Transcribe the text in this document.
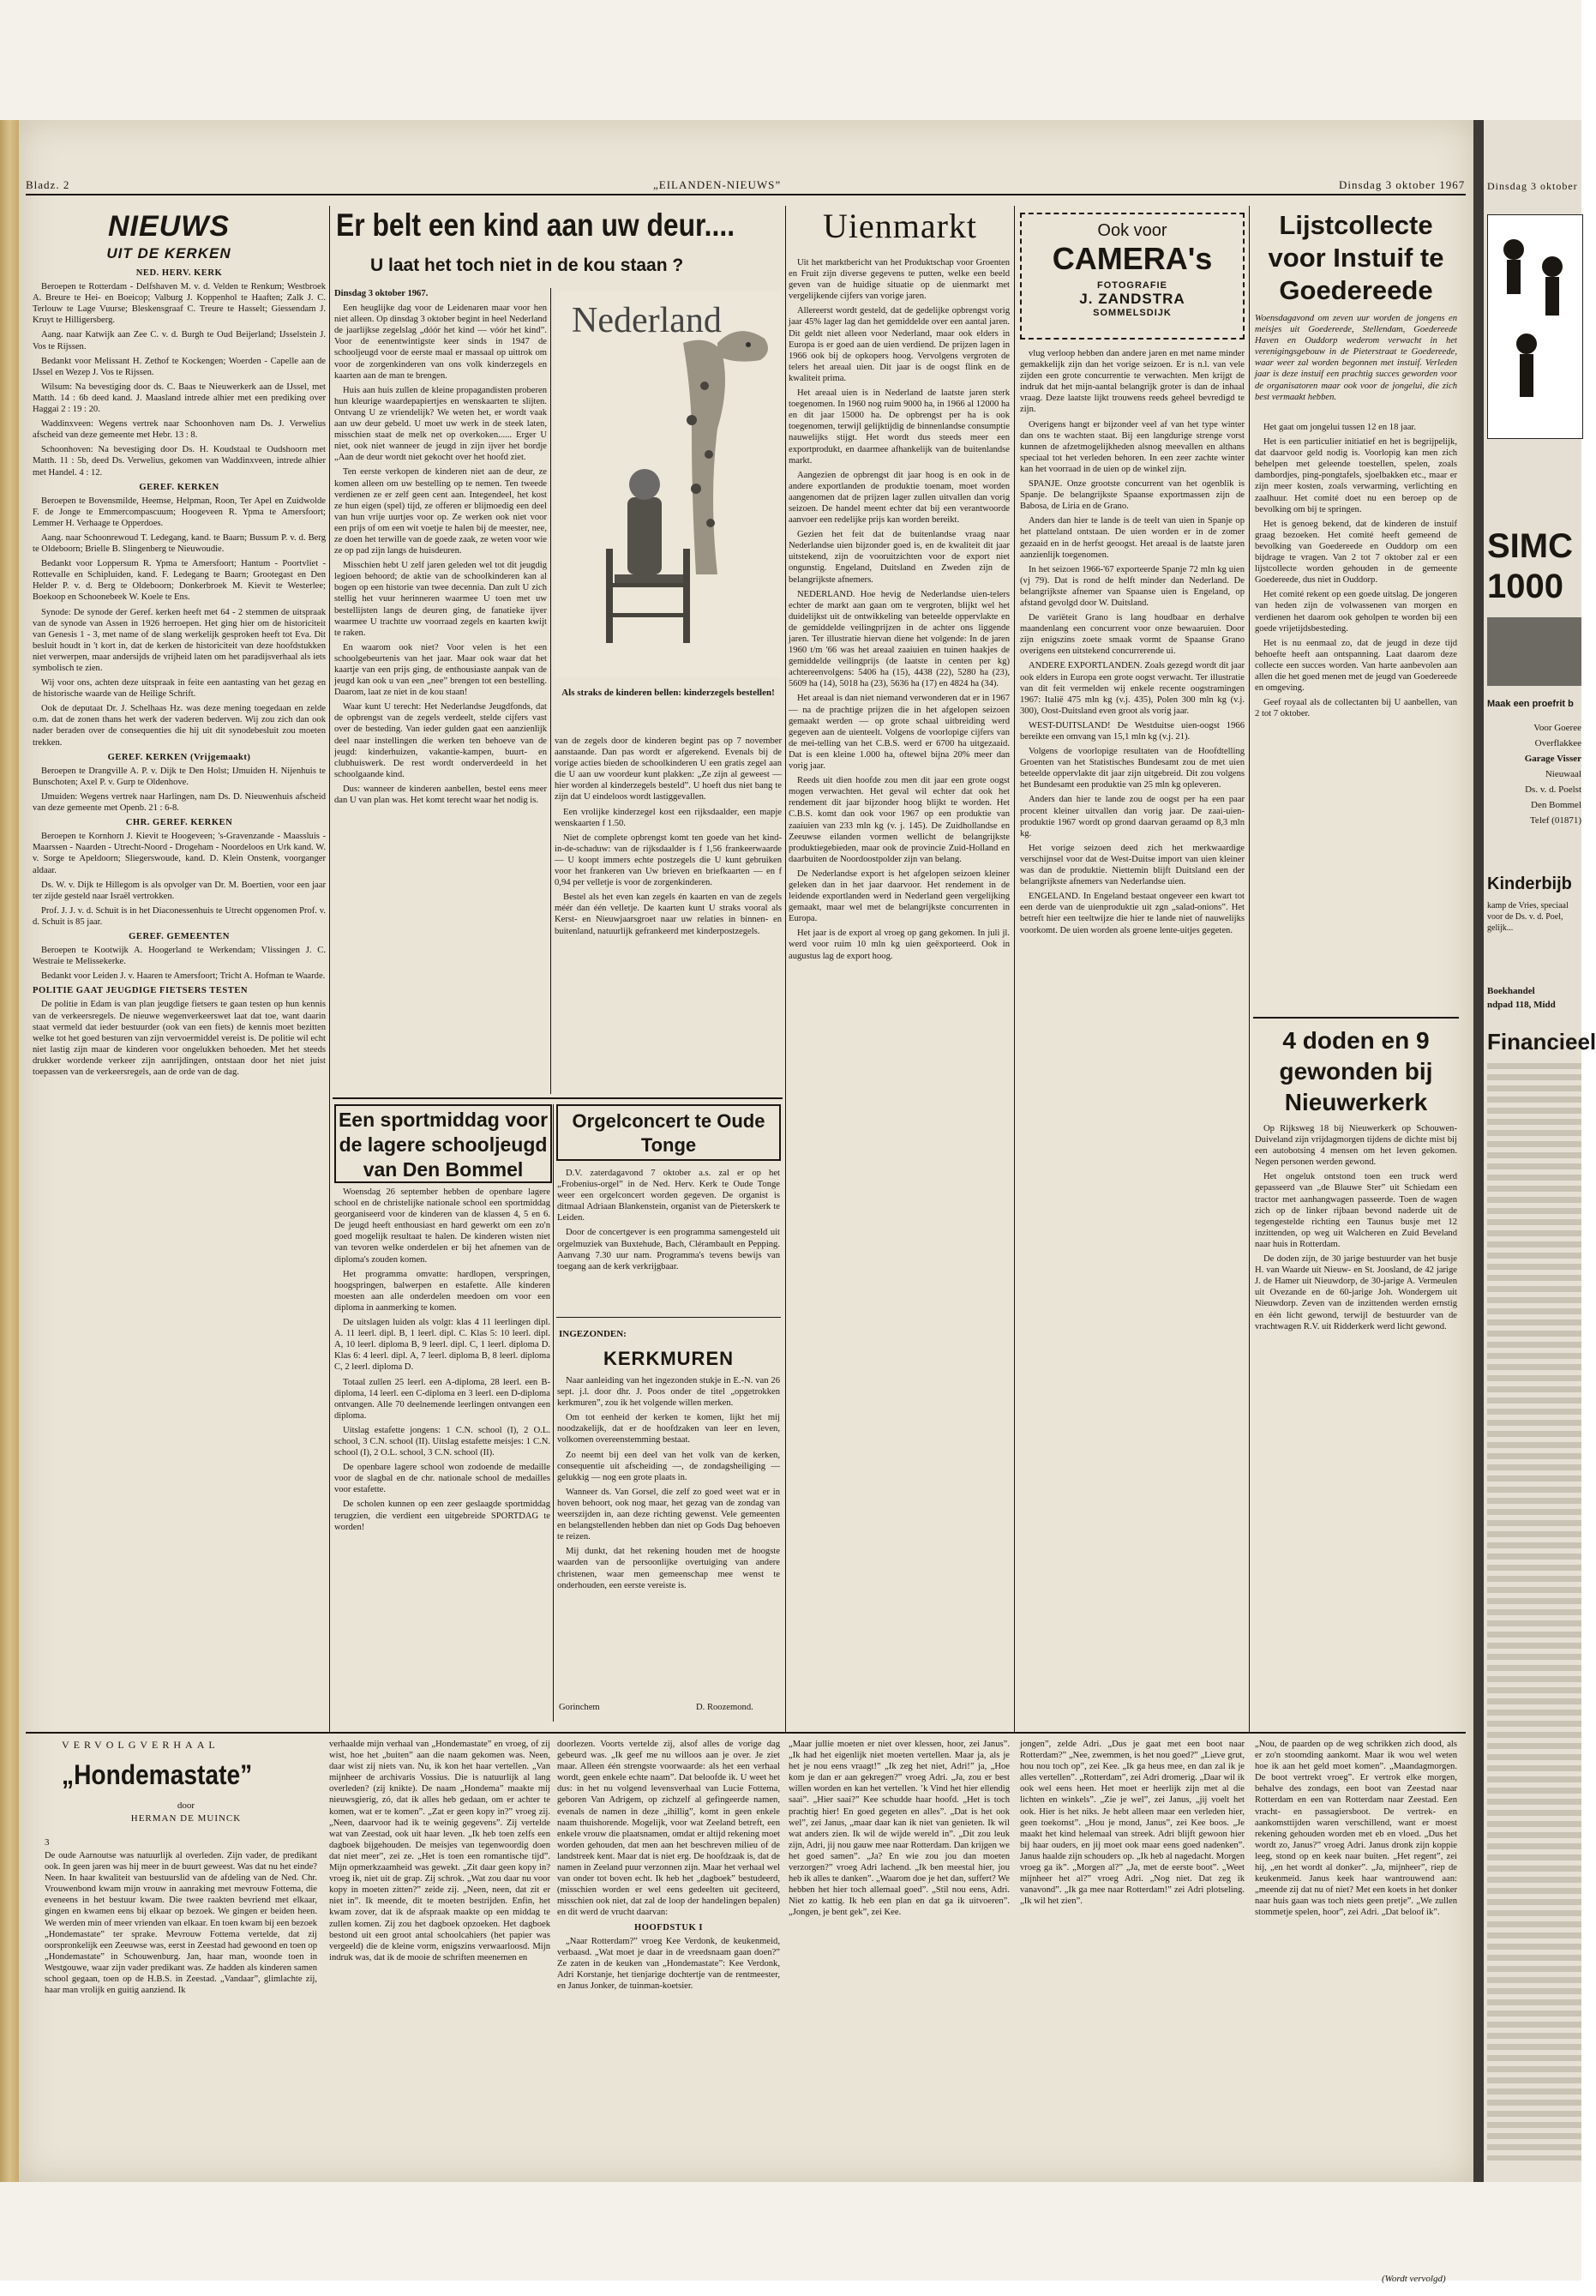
Bladz. 2	„EILANDEN-NIEUWS”	Dinsdag 3 oktober 1967
NIEUWS
UIT DE KERKEN
NED. HERV. KERK

Beroepen te Rotterdam - Delfshaven M. v. d. Velden te Renkum; Westbroek A. Breure te Hei- en Boeicop; Valburg J. Koppenhol te Haaften; Zalk J. C. Terlouw te Lage Vuurse; Bleskensgraaf C. Treure te Hasselt; Giessendam J. Kruyt te Hilligersberg.

Aang. naar Katwijk aan Zee C. v. d. Burgh te Oud Beijerland; IJsselstein J. Vos te Rijssen.

Bedankt voor Melissant H. Zethof te Kockengen; Woerden - Capelle aan de IJssel en Wezep J. Vos te Rijssen.

Wilsum: Na bevestiging door ds. C. Baas te Nieuwerkerk aan de IJssel, met Matth. 14 : 6b deed kand. J. Maasland intrede alhier met een prediking over Haggai 2 : 19 : 20.

Waddinxveen: Wegens vertrek naar Schoonhoven nam Ds. J. Verwelius afscheid van deze gemeente met Hebr. 13 : 8.

Schoonhoven: Na bevestiging door Ds. H. Koudstaal te Oudshoorn met Matth. 11 : 5b, deed Ds. Verwelius, gekomen van Waddinxveen, intrede alhier met Handel. 4 : 12.

GEREF. KERKEN

Beroepen te Bovensmilde, Heemse, Helpman, Roon, Ter Apel en Zuidwolde F. de Jonge te Emmercompascuum; Hoogeveen R. Ypma te Amersfoort; Lemmer H. Verhaage te Opperdoes.

Aang. naar Schoonrewoud T. Ledegang, kand. te Baarn; Bussum P. v. d. Berg te Oldeboorn; Brielle B. Slingenberg te Nieuwoudie.

Bedankt voor Loppersum R. Ypma te Amersfoort; Hantum - Poortvliet - Rottevalle en Schipluiden, kand. F. Ledegang te Baarn; Grootegast en Den Helder P. v. d. Berg te Oldeboorn; Donkerbroek M. Kievit te Westerlee; Boekoop en Schoonebeek W. Koele te Ens.

Synode: De synode der Geref. kerken heeft met 64 - 2 stemmen de uitspraak van de synode van Assen in 1926 herroepen. Het ging hier om de historiciteit van Genesis 1 - 3, met name of de slang werkelijk gesproken heeft tot Eva. Dit besluit houdt in 't kort in, dat de kerken de historiciteit van deze hoofdstukken niet verwerpen, maar andersijds de vrijheid laten om het paradijsverhaal als iets symbolisch te zien.

Wij voor ons, achten deze uitspraak in feite een aantasting van het gezag en de historische waarde van de Heilige Schrift.

Ook de deputaat Dr. J. Schelhaas Hz. was deze mening toegedaan en zelde o.m. dat de zonen thans het werk der vaderen bederven. Wij zou zich dan ook nader beraden over de consequenties die hij uit dit synodebesluit zou moeten trekken.

GEREF. KERKEN (Vrijgemaakt)

Beroepen te Drangville A. P. v. Dijk te Den Holst; IJmuiden H. Nijenhuis te Bunschoten; Axel P. v. Gurp te Oldenhove.

IJmuiden: Wegens vertrek naar Harlingen, nam Ds. D. Nieuwenhuis afscheid van deze gemeente met Openb. 21 : 6-8.

CHR. GEREF. KERKEN

Beroepen te Kornhorn J. Kievit te Hoogeveen; 's-Gravenzande - Maassluis - Maarssen - Naarden - Utrecht-Noord - Drogeham - Noordeloos en Urk kand. W. v. Sorge te Apeldoorn; Sliegerswoude, kand. D. Klein Onstenk, voorganger aldaar.

Ds. W. v. Dijk te Hillegom is als opvolger van Dr. M. Boertien, voor een jaar ter zijde gesteld naar Israël vertrokken.

Prof. J. J. v. d. Schuit is in het Diaconessenhuis te Utrecht opgenomen Prof. v. d. Schuit is 85 jaar.

GEREF. GEMEENTEN

Beroepen te Kootwijk A. Hoogerland te Werkendam; Vlissingen J. C. Westraie te Melissekerke.

Bedankt voor Leiden J. v. Haaren te Amersfoort; Tricht A. Hofman te Waarde.

POLITIE GAAT JEUGDIGE FIETSERS TESTEN

De politie in Edam is van plan jeugdige fietsers te gaan testen op hun kennis van de verkeersregels. De nieuwe wegenverkeerswet laat dat toe, want daarin staat vermeld dat ieder bestuurder (ook van een fiets) de kennis moet bezitten welke tot het goed besturen van zijn vervoermiddel vereist is. De politie wil echt niet lastig zijn maar de kinderen voor ongelukken behoeden. Met het steeds drukker wordende verkeer zijn aanrijdingen, ontstaan door het niet juist toepassen van de verkeersregels, aan de orde van de dag.

Er belt een kind aan uw deur....
U laat het toch niet in de kou staan ?

Dinsdag 3 oktober 1967.

Een heuglijke dag voor de Leidenaren maar voor hen niet alleen. Op dinsdag 3 oktober begint in heel Nederland de jaarlijkse zegelslag „dóór het kind — vóór het kind”. Voor de eenentwintigste keer sinds in 1947 de schooljeugd voor de eerste maal er massaal op uittrok om voor de zorgenkinderen van ons volk kinderzegels en kaarten aan de man te brengen.

Huis aan huis zullen de kleine propagandisten proberen hun kleurige waardepapiertjes en wenskaarten te slijten. Ontvang U ze vriendelijk? We weten het, er wordt vaak aan uw deur gebeld. U moet uw werk in de steek laten, misschien staat de melk net op overkoken...... Erger U niet, ook niet wanneer de jeugd in zijn ijver het bordje „Aan de deur wordt niet gekocht over het hoofd ziet.

Ten eerste verkopen de kinderen niet aan de deur, ze komen alleen om uw bestelling op te nemen. Ten tweede verdienen ze er zelf geen cent aan. Integendeel, het kost ze hun eigen (spel) tijd, ze offeren er blijmoedig een deel van hun vrije uurtjes voor op. Ze werken ook niet voor een prijs of om een wit voetje te halen bij de meester, nee, ze doen het terwille van de goede zaak, ze weten voor wie ze op pad zijn langs de huisdeuren.

Misschien hebt U zelf jaren geleden wel tot dit jeugdig legioen behoord; de aktie van de schoolkinderen kan al bogen op een historie van twee decennia. Dan zult U zich stellig het vuur herinneren waarmee U toen met uw bestellijsten langs de deuren ging, de fanatieke ijver waarmee U trachtte uw voorraad zegels en kaarten kwijt te raken.

En waarom ook niet? Voor velen is het een schoolgebeurtenis van het jaar. Maar ook waar dat het kaartje van een prijs ging, de enthousiaste aanpak van de jeugd kan ook u van een „nee” brengen tot een bestelling. Daarom, laat ze niet in de kou staan!

Waar kunt U terecht: Het Nederlandse Jeugdfonds, dat de opbrengst van de zegels verdeelt, stelde cijfers vast over de besteding. Van ieder gulden gaat een aanzienlijk deel naar instellingen die werken ten behoeve van de jeugd: kinderhuizen, vakantie-kampen, buurt- en clubhuiswerk. De rest wordt onderverdeeld in het schoolgaande kind.

Dus: wanneer de kinderen aanbellen, bestel eens meer dan U van plan was. Het komt terecht waar het nodig is.

Nederland
Als straks de kinderen bellen: kinderzegels bestellen!

van de zegels door de kinderen begint pas op 7 november aanstaande. Dan pas wordt er afgerekend. Evenals bij de vorige acties bieden de schoolkinderen U een gratis zegel aan die U aan uw voordeur kunt plakken: „Ze zijn al geweest — hier worden al kinderzegels besteld”. U hoeft dus niet bang te zijn dat U eindeloos wordt lastiggevallen.

Een vrolijke kinderzegel kost een rijksdaalder, een mapje wenskaarten f 1.50.

Niet de complete opbrengst komt ten goede van het kind-in-de-schaduw: van de rijksdaalder is f 1,56 frankeerwaarde — U koopt immers echte postzegels die U kunt gebruiken voor het frankeren van Uw brieven en briefkaarten — en f 0,94 per velletje is voor de zorgenkinderen.

Bestel als het even kan zegels én kaarten en van de zegels méér dan één velletje. De kaarten kunt U straks vooral als Kerst- en Nieuwjaarsgroet naar uw relaties in binnen- en buitenland, natuurlijk gefrankeerd met kinderpostzegels.

Een sportmiddag voor de lagere schooljeugd van Den Bommel

Woensdag 26 september hebben de openbare lagere school en de christelijke nationale school een sportmiddag georganiseerd voor de kinderen van de klassen 4, 5 en 6. De jeugd heeft enthousiast en hard gewerkt om een zo'n goed mogelijk resultaat te halen. De kinderen wisten niet van tevoren welke onderdelen er bij het afnemen van de diploma's zouden komen.

Het programma omvatte: hardlopen, verspringen, hoogspringen, balwerpen en estafette. Alle kinderen moesten aan alle onderdelen meedoen om voor een diploma in aanmerking te komen.

De uitslagen luiden als volgt: klas 4 11 leerlingen dipl. A. 11 leerl. dipl. B, 1 leerl. dipl. C. Klas 5: 10 leerl. dipl. A, 10 leerl. diploma B, 9 leerl. dipl. C, 1 leerl. diploma D. Klas 6: 4 leerl. dipl. A, 7 leerl. diploma B, 8 leerl. diploma C, 2 leerl. diploma D.

Totaal zullen 25 leerl. een A-diploma, 28 leerl. een B-diploma, 14 leerl. een C-diploma en 3 leerl. een D-diploma ontvangen. Alle 70 deelnemende leerlingen ontvangen een diploma.

Uitslag estafette jongens: 1 C.N. school (I), 2 O.L. school, 3 C.N. school (II). Uitslag estafette meisjes: 1 C.N. school (I), 2 O.L. school, 3 C.N. school (II).

De openbare lagere school won zodoende de medaille voor de slagbal en de chr. nationale school de medailles voor estafette.

De scholen kunnen op een zeer geslaagde sportmiddag terugzien, die verdient een uitgebreide SPORTDAG te worden!

Orgelconcert te Oude Tonge

D.V. zaterdagavond 7 oktober a.s. zal er op het „Frobenius-orgel” in de Ned. Herv. Kerk te Oude Tonge weer een orgelconcert worden gegeven. De organist is ditmaal Adriaan Blankenstein, organist van de Pieterskerk te Leiden.

Door de concertgever is een programma samengesteld uit orgelmuziek van Buxtehude, Bach, Clérambault en Pepping. Aanvang 7.30 uur nam. Programma's tevens bewijs van toegang aan de kerk verkrijgbaar.

INGEZONDEN:
KERKMUREN

Naar aanleiding van het ingezonden stukje in E.-N. van 26 sept. j.l. door dhr. J. Poos onder de titel „opgetrokken kerkmuren”, zou ik het volgende willen merken.

Om tot eenheid der kerken te komen, lijkt het mij noodzakelijk, dat er de hoofdzaken van leer en leven, volkomen overeenstemming bestaat.

Zo neemt bij een deel van het volk van de kerken, consequentie uit afscheiding —, de zondagsheiliging — gelukkig — nog een grote plaats in.

Wanneer ds. Van Gorsel, die zelf zo goed weet wat er in hoven behoort, ook nog maar, het gezag van de zondag van weerszijden in, aan deze richting gewenst. Vele gemeenten en belangstellenden hebben dan niet op Gods Dag behoeven te reizen.

Mij dunkt, dat het rekening houden met de hoogste waarden van de persoonlijke overtuiging van andere christenen, waar men gemeenschap mee wenst te onderhouden, een eerste vereiste is.

Gorinchem	D. Roozemond.
Uienmarkt

Uit het marktbericht van het Produktschap voor Groenten en Fruit zijn diverse gegevens te putten, welke een beeld geven van de huidige situatie op de uienmarkt met vergelijkende cijfers van vorige jaren.

Allereerst wordt gesteld, dat de gedelijke opbrengst vorig jaar 45% lager lag dan het gemiddelde over een aantal jaren. Dit geldt niet alleen voor Nederland, maar ook elders in Europa is er goed aan de uien verdiend. De prijzen lagen in 1966 ook bij de opkopers hoog. Vervolgens vergroten de telers het areaal uien. Dit jaar is de oogst flink en de kwaliteit prima.

Het areaal uien is in Nederland de laatste jaren sterk toegenomen. In 1960 nog ruim 9000 ha, in 1966 al 12000 ha en dit jaar 15000 ha. De opbrengst per ha is ook toegenomen, terwijl gelijktijdig de binnenlandse consumptie nauwelijks stijgt. Het wordt dus steeds meer een exportprodukt, en daarmee afhankelijk van de buitenlandse markt.

Aangezien de opbrengst dit jaar hoog is en ook in de andere exportlanden de produktie toenam, moet worden aangenomen dat de prijzen lager zullen uitvallen dan vorig seizoen. De handel meent echter dat bij een verantwoorde aanvoer een redelijke prijs kan worden bereikt.

Gezien het feit dat de buitenlandse vraag naar Nederlandse uien bijzonder goed is, en de kwaliteit dit jaar uitstekend, zijn de vooruitzichten voor de export niet ongunstig. Engeland, Duitsland en Zweden zijn de belangrijkste afnemers.

NEDERLAND. Hoe hevig de Nederlandse uien-telers echter de markt aan gaan om te vergroten, blijkt wel het duidelijkst uit de ontwikkeling van beteelde oppervlakte en de gemiddelde veilingprijzen in de achter ons liggende jaren. Ter illustratie hiervan diene het volgende: In de jaren 1960 t/m '66 was het areaal zaaiuien en tuinen haakjes de gemiddelde veilingprijs (de laatste in centen per kg) achtereenvolgens: 5406 ha (15), 4438 (22), 5280 ha (23), 5609 ha (14), 5018 ha (23), 5636 ha (17) en 4824 ha (34).

Het areaal is dan niet niemand verwonderen dat er in 1967 — na de prachtige prijzen die in het afgelopen seizoen gemaakt werden — op grote schaal uitbreiding werd gegeven aan de uienteelt. Volgens de voorlopige cijfers van de mei-telling van het C.B.S. werd er 6700 ha uitgezaaid. Dat is een kleine 1.000 ha, oftewel bijna 20% meer dan vorig jaar.

Reeds uit dien hoofde zou men dit jaar een grote oogst mogen verwachten. Het geval wil echter dat ook het rendement dit jaar bijzonder hoog blijkt te worden. Het C.B.S. komt dan ook voor 1967 op een produktie van zaaiuien van 233 mln kg (v. j. 145). De Zuidhollandse en Zeeuwse eilanden vormen wellicht de belangrijkste produktiegebieden, maar ook de provincie Zuid-Holland en daarbuiten de Noordoostpolder zijn van belang.

De Nederlandse export is het afgelopen seizoen kleiner geleken dan in het jaar daarvoor. Het rendement in de leidende exportlanden werd in Nederland geen vergelijking gemaakt, maar wel met de belangrijkste concurrenten in Europa.

Het jaar is de export al vroeg op gang gekomen. In juli jl. werd voor ruim 10 mln kg uien geëxporteerd. Ook in augustus lag de export hoog.

Ook voor
CAMERA's
FOTOGRAFIE
J. ZANDSTRA
SOMMELSDIJK

vlug verloop hebben dan andere jaren en met name minder gemakkelijk zijn dan het vorige seizoen. Er is n.l. van vele zijden een grote concurrentie te verwachten. Men krijgt de indruk dat het mijn-aantal belangrijk groter is dan de inhaal vraag. Deze laatste lijkt trouwens reeds geheel bevredigd te zijn.

Overigens hangt er bijzonder veel af van het type winter dan ons te wachten staat. Bij een langdurige strenge vorst kunnen de afzetmogelijkheden alsnog meevallen en althans speciaal tot het verleden behoren. In een zeer zachte winter kan het voorraad in de uien op de winkel zijn.

SPANJE. Onze grootste concurrent van het ogenblik is Spanje. De belangrijkste Spaanse exportmassen zijn de Babosa, de Liria en de Grano.

Anders dan hier te lande is de teelt van uien in Spanje op het platteland ontstaan. De uien worden er in de zomer gezaaid en in de herfst geoogst. Het areaal is de laatste jaren aanzienlijk toegenomen.

In het seizoen 1966-'67 exporteerde Spanje 72 mln kg uien (vj 79). Dat is rond de helft minder dan Nederland. De belangrijkste afnemer van Spaanse uien is Engeland, op afstand gevolgd door W. Duitsland.

De variëteit Grano is lang houdbaar en derhalve maandenlang een concurrent voor onze bewaaruien. Door zijn enigszins zoete smaak vormt de Spaanse Grano overigens een uitstekend concurrerende ui.

ANDERE EXPORTLANDEN. Zoals gezegd wordt dit jaar ook elders in Europa een grote oogst verwacht. Ter illustratie van dit feit vermelden wij enkele recente oogstramingen 1967: Italië 475 mln kg (v.j. 435), Polen 300 mln kg (v.j. 300), Oost-Duitsland even groot als vorig jaar.

WEST-DUITSLAND! De Westduitse uien-oogst 1966 bereikte een omvang van 15,1 mln kg (v.j. 21).

Volgens de voorlopige resultaten van de Hoofdtelling Groenten van het Statistisches Bundesamt zou de met uien beteelde oppervlakte dit jaar zijn uitgebreid. Dit zou volgens het Bundesamt een produktie van 25 mln kg opleveren.

Anders dan hier te lande zou de oogst per ha een paar procent kleiner uitvallen dan vorig jaar. De zaai-uien-produktie 1967 wordt op grond daarvan geraamd op 8,3 mln kg.

Het vorige seizoen deed zich het merkwaardige verschijnsel voor dat de West-Duitse import van uien kleiner was dan de produktie. Niettemin blijft Duitsland een der belangrijkste afnemers van Nederlandse uien.

ENGELAND. In Engeland bestaat ongeveer een kwart tot een derde van de uienproduktie uit zgn „salad-onions”. Het betreft hier een teeltwijze die hier te lande niet of nauwelijks voorkomt. De uien worden als groene lente-uitjes gegeten.

Lijstcollecte voor Instuif te Goedereede
Woensdagavond om zeven uur worden de jongens en meisjes uit Goedereede, Stellendam, Goedereede Haven en Ouddorp wederom verwacht in het verenigingsgebouw in de Pieterstraat te Goedereede, waar weer zal worden begonnen met instuif. Verleden jaar is deze instuif een prachtig succes geworden voor de organisatoren maar ook voor de jongelui, die zich best vermaakt hebben.

Het gaat om jongelui tussen 12 en 18 jaar.

Het is een particulier initiatief en het is begrijpelijk, dat daarvoor geld nodig is. Voorlopig kan men zich behelpen met geleende toestellen, spelen, zoals dambordjes, ping-pongtafels, sjoelbakken etc., maar er zijn meer kosten, zoals verwarming, verlichting en zaalhuur. Het comité doet nu een beroep op de bevolking om bij te springen.

Het is genoeg bekend, dat de kinderen de instuif graag bezoeken. Het comité heeft gemeend de bevolking van Goedereede en Ouddorp om een bijdrage te vragen. Van 2 tot 7 oktober zal er een lijstcollecte worden gehouden in de gemeente Goedereede, dus niet in Ouddorp.

Het comité rekent op een goede uitslag. De jongeren van heden zijn de volwassenen van morgen en verdienen het daarom ook geholpen te worden bij een goede vrijetijdsbesteding.

Het is nu eenmaal zo, dat de jeugd in deze tijd behoefte heeft aan ontspanning. Laat daarom deze collecte een succes worden. Van harte aanbevolen aan allen die het goed menen met de jeugd van Goedereede en omgeving.

Geef royaal als de collectanten bij U aanbellen, van 2 tot 7 oktober.

4 doden en 9 gewonden bij Nieuwerkerk

Op Rijksweg 18 bij Nieuwerkerk op Schouwen-Duiveland zijn vrijdagmorgen tijdens de dichte mist bij een autobotsing 4 mensen om het leven gekomen. Negen personen werden gewond.

Het ongeluk ontstond toen een truck werd gepasseerd van „de Blauwe Ster” uit Schiedam een tractor met aanhangwagen passeerde. Toen de wagen zich op de linker rijbaan bevond naderde uit de tegengestelde richting een Taunus busje met 12 inzittenden, op weg uit Walcheren en Zuid Beveland naar huis in Rotterdam.

De doden zijn, de 30 jarige bestuurder van het busje H. van Waarde uit Nieuw- en St. Joosland, de 42 jarige J. de Hamer uit Nieuwdorp, de 30-jarige A. Vermeulen uit Ovezande en de 60-jarige Joh. Wondergem uit Nieuwdorp. Zeven van de inzittenden werden ernstig en één licht gewond, terwijl de bestuurder van de vrachtwagen R.V. uit Ridderkerk werd licht gewond.

VERVOLGVERHAAL
„Hondemastate”
door
HERMAN DE MUINCK
3
De oude Aarnoutse was natuurlijk al overleden. Zijn vader, de predikant ook. In geen jaren was hij meer in de buurt geweest. Was dat nu het einde? Neen. In haar kwaliteit van bestuurslid van de afdeling van de Ned. Chr. Vrouwenbond kwam mijn vrouw in aanraking met mevrouw Fottema, die eveneens in het bestuur kwam. Die twee raakten bevriend met elkaar, gingen en kwamen eens bij elkaar op bezoek. We gingen er beiden heen. We werden min of meer vrienden van elkaar. En toen kwam bij een bezoek „Hondemastate” ter sprake. Mevrouw Fottema vertelde, dat zij oorspronkelijk een Zeeuwse was, eerst in Zeestad had gewoond en toen op „Hondemastate” in Schouwenburg. Jan, haar man, woonde toen in Westgouwe, waar zijn vader predikant was. Ze hadden als kinderen samen school gegaan, toen op de H.B.S. in Zeestad. „Vandaar”, glimlachte zij, haar man vrolijk en guitig aanziend. Ik
verhaalde mijn verhaal van „Hondemastate” en vroeg, of zij wist, hoe het „buiten” aan die naam gekomen was. Neen, daar wist zij niets van. Nu, ik kon het haar vertellen. „Van mijnheer de archivaris Vossius. Die is natuurlijk al lang overleden? (zij knikte). De naam „Hondema” maakte mij nieuwsgierig, zó, dat ik alles heb gedaan, om er achter te komen, wat er te komen”. „Zat er geen kopy in?” vroeg zij. „Neen, daarvoor had ik te weinig gegevens”. Zij vertelde wat van Zeestad, ook uit haar leven. „Ik heb toen zelfs een dagboek bijgehouden. De meisjes van tegenwoordig doen dat niet meer”, zei ze. „Het is toen een romantische tijd”. Mijn opmerkzaamheid was gewekt. „Zit daar geen kopy in? vroeg ik, niet uit de grap. Zij schrok. „Wat zou daar nu voor kopy in moeten zitten?” zeide zij. „Neen, neen, dat zit er niet in”. Ik meende, dit te moeten bestrijden. Enfin, het kwam zover, dat ik de afspraak maakte op een middag te zullen komen. Zij zou het dagboek opzoeken. Het dagboek bestond uit een groot antal schoolcahiers (het papier was vergeeld) die de kleine vorm, enigszins verwaarloosd. Mijn indruk was, dat ik de mooie de schriften meenemen en

doorlezen. Voorts vertelde zij, alsof alles de vorige dag gebeurd was. „Ik geef me nu willoos aan je over. Je ziet maar. Alleen één strengste voorwaarde: als het een verhaal wordt, geen enkele echte naam”. Dat beloofde ik. U weet het dus: in het nu volgend levensverhaal van Lucie Fottema, geboren Van Adrigem, op zichzelf al gefingeerde namen, evenals de namen in deze „ihillig”, komt in geen enkele naam thuishorende. Mogelijk, voor wat Zeeland betreft, een enkele vrouw die plaatsnamen, omdat er altijd rekening moet worden gehouden, dat men aan het beschreven milieu of de landstreek kent. Maar dat is niet erg. De hoofdzaak is, dat de namen in Zeeland puur verzonnen zijn. Maar het verhaal wel van onder tot boven echt. Ik heb het „dagboek” bestudeerd, (misschien worden er wel eens gedeelten uit geciteerd, misschien ook niet, dat zal de loop der handelingen bepalen) en dit werd de vrucht daarvan:

HOOFDSTUK I

„Naar Rotterdam?” vroeg Kee Verdonk, de keukenmeid, verbaasd. „Wat moet je daar in de vreedsnaam gaan doen?” Ze zaten in de keuken van „Hondemastate”: Kee Verdonk, Adri Korstanje, het tienjarige dochtertje van de rentmeester, en Janus Jonker, de tuinman-koetsier.

„Maar jullie moeten er niet over klessen, hoor, zei Janus”. „Ik had het eigenlijk niet moeten vertellen. Maar ja, als je het je nou eens vraagt!” „Ik zeg het niet, Adri!” ja, „Hoe kom je dan er aan gekregen?” vroeg Adri. „Ja, zou er best willen worden en kan het vertellen. ’k Vind het hier ellendig saai”. „Hier saai?” Kee schudde haar hoofd. „Het is toch prachtig hier! En goed gegeten en alles”. „Dat is het ook wel”, zei Janus, „maar daar kan ik niet van genieten. Ik wil wat anders zien. Ik wil de wijde wereld in”. „Dit zou leuk zijn, Adri, jij nou gauw mee naar Rotterdam. Dan krijgen we het goed samen”. „Ja? En wie zou jou dan moeten verzorgen?” vroeg Adri lachend. „Ik ben meestal hier, jou heb ik alles te danken”. „Waarom doe je het dan, suffert? We hebben het hier toch allemaal goed”. „Stil nou eens, Adri. Niet zo kattig. Ik heb een plan en dat ga ik uitvoeren”. „Jongen, je bent gek”, zei Kee.
jongen”, zelde Adri. „Dus je gaat met een boot naar Rotterdam?” „Nee, zwemmen, is het nou goed?” „Lieve grut, hou nou toch op”, zei Kee. „Ik ga heus mee, en dan zal ik je alles vertellen”. „Rotterdam”, zei Adri dromerig. „Daar wil ik ook wel eens heen. Het moet er heerlijk zijn met al die lichten en winkels”. „Zie je wel”, zei Janus, „jij voelt het ook. Hier is het niks. Je hebt alleen maar een verleden hier, geen toekomst”. „Hou je mond, Janus”, zei Kee boos. „Je maakt het kind helemaal van streek. Adri blijft gewoon hier bij haar ouders, en jij moet ook maar eens goed nadenken”. Janus haalde zijn schouders op. „Ik heb al nagedacht. Morgen vroeg ga ik”. „Morgen al?” „Ja, met de eerste boot”. „Weet mijnheer het al?” vroeg Adri. „Nog niet. Dat zeg ik vanavond”. „Ik ga mee naar Rotterdam!” zei Adri plotseling. „Ik wil het zien”.
„Nou, de paarden op de weg schrikken zich dood, als er zo'n stoomding aankomt. Maar ik wou wel weten hoe ik aan het geld moet komen”. „Maandagmorgen. De boot vertrekt vroeg”. Er vertrok elke morgen, behalve des zondags, een boot van Zeestad naar Rotterdam en een van Rotterdam naar Zeestad. Een vracht- en passagiersboot. De vertrek- en aankomsttijden waren verschillend, want er moest rekening gehouden worden met eb en vloed. „Dus het wordt zo, Janus?” vroeg Adri. Janus dronk zijn koppie leeg, stond op en keek naar buiten. „Het regent”, zei hij, „en het wordt al donker”. „Ja, mijnheer”, riep de keukenmeid. Janus keek haar wantrouwend aan: „meende zij dat nu of niet? Met een koets in het donker naar huis gaan was toch niets geen pretje”. „We zullen stommetje spelen, hoor”, zei Adri. „Dat beloof ik”.
(Wordt vervolgd)
Dinsdag 3 oktober
SIMC
1000
Maak een proefrit b
Voor Goeree
Overflakkee
Garage Visser
Nieuwaal
Ds. v. d. Poelst
Den Bommel
Telef (01871)
Kinderbijb
kamp de Vries, speciaal voor de Ds. v. d. Poel, gelijk...
Boekhandel
ndpad 118, Midd
Financieel
